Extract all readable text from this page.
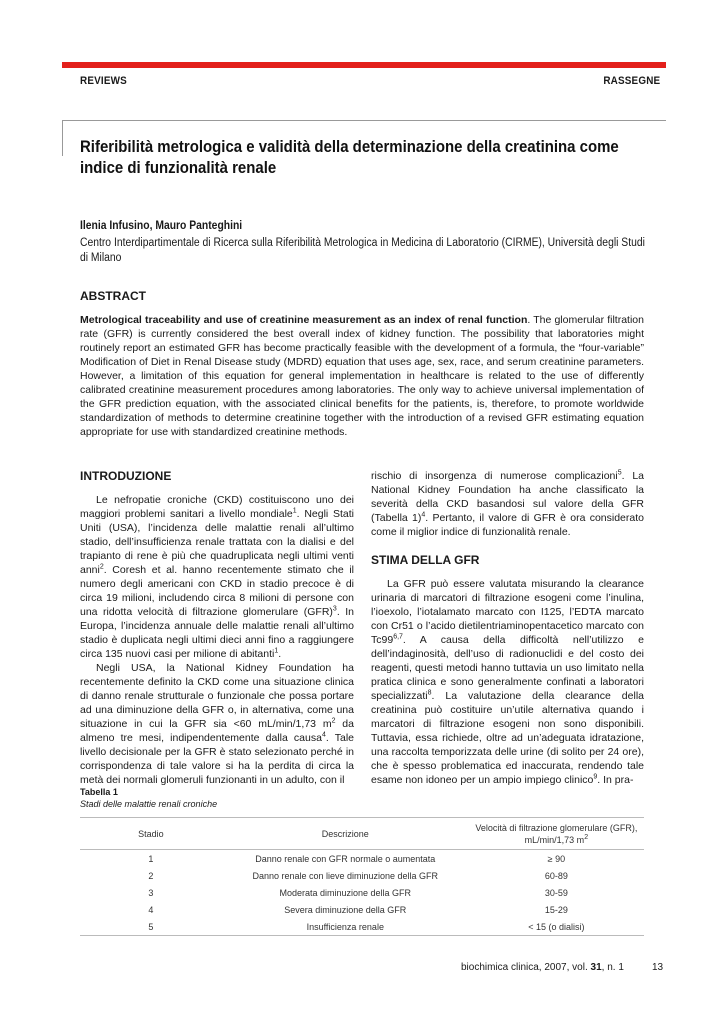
REVIEWS	RASSEGNE
Riferibilità metrologica e validità della determinazione della creatinina come indice di funzionalità renale
Ilenia Infusino, Mauro Panteghini
Centro Interdipartimentale di Ricerca sulla Riferibilità Metrologica in Medicina di Laboratorio (CIRME), Università degli Studi di Milano
ABSTRACT

Metrological traceability and use of creatinine measurement as an index of renal function. The glomerular filtration rate (GFR) is currently considered the best overall index of kidney function. The possibility that laboratories might routinely report an estimated GFR has become practically feasible with the development of a formula, the “four-variable” Modification of Diet in Renal Disease study (MDRD) equation that uses age, sex, race, and serum creatinine parameters. However, a limitation of this equation for general implementation in healthcare is related to the use of differently calibrated creatinine measurement procedures among laboratories. The only way to achieve universal implementation of the GFR prediction equation, with the associated clinical benefits for the patients, is, therefore, to promote worldwide standardization of methods to determine creatinine together with the introduction of a revised GFR estimating equation appropriate for use with standardized creatinine methods.

INTRODUZIONE

Le nefropatie croniche (CKD) costituiscono uno dei maggiori problemi sanitari a livello mondiale$^1$. Negli Stati Uniti (USA), l’incidenza delle malattie renali all’ultimo stadio, dell’insufficienza renale trattata con la dialisi e del trapianto di rene è più che quadruplicata negli ultimi venti anni$^2$. Coresh et al. hanno recentemente stimato che il numero degli americani con CKD in stadio precoce è di circa 19 milioni, includendo circa 8 milioni di persone con una ridotta velocità di filtrazione glomerulare (GFR)$^3$. In Europa, l’incidenza annuale delle malattie renali all’ultimo stadio è duplicata negli ultimi dieci anni fino a raggiungere circa 135 nuovi casi per milione di abitanti$^1$.

Negli USA, la National Kidney Foundation ha recentemente definito la CKD come una situazione clinica di danno renale strutturale o funzionale che possa portare ad una diminuzione della GFR o, in alternativa, come una situazione in cui la GFR sia <60 mL/min/1,73 $m^2$ da almeno tre mesi, indipendentemente dalla causa$^4$. Tale livello decisionale per la GFR è stato selezionato perché in corrispondenza di tale valore si ha la perdita di circa la metà dei normali glomeruli funzionanti in un adulto, con il

rischio di insorgenza di numerose complicazioni$^5$. La National Kidney Foundation ha anche classificato la severità della CKD basandosi sul valore della GFR (Tabella 1)$^4$. Pertanto, il valore di GFR è ora considerato come il miglior indice di funzionalità renale.

STIMA DELLA GFR

La GFR può essere valutata misurando la clearance urinaria di marcatori di filtrazione esogeni come l’inulina, l’ioexolo, l’iotalamato marcato con I125, l’EDTA marcato con Cr51 o l’acido dietilentriaminopentacetico marcato con Tc99$^{6,7}$. A causa della difficoltà nell’utilizzo e dell’indaginosità, dell’uso di radionuclidi e del costo dei reagenti, questi metodi hanno tuttavia un uso limitato nella pratica clinica e sono generalmente confinati a laboratori specializzati$^8$. La valutazione della clearance della creatinina può costituire un’utile alternativa quando i marcatori di filtrazione esogeni non sono disponibili. Tuttavia, essa richiede, oltre ad un’adeguata idratazione, una raccolta temporizzata delle urine (di solito per 24 ore), che è spesso problematica ed inaccurata, rendendo tale esame non idoneo per un ampio impiego clinico$^9$. In pra-

Tabella 1
Stadi delle malattie renali croniche
Stadio	Descrizione	Velocità di filtrazione glomerulare (GFR),
mL/min/1,73 $m^2$
1	Danno renale con GFR normale o aumentata	≥ 90
2	Danno renale con lieve diminuzione della GFR	60-89
3	Moderata diminuzione della GFR	30-59
4	Severa diminuzione della GFR	15-29
5	Insufficienza renale	< 15 (o dialisi)
biochimica clinica, 2007, vol. 31, n. 1	13
